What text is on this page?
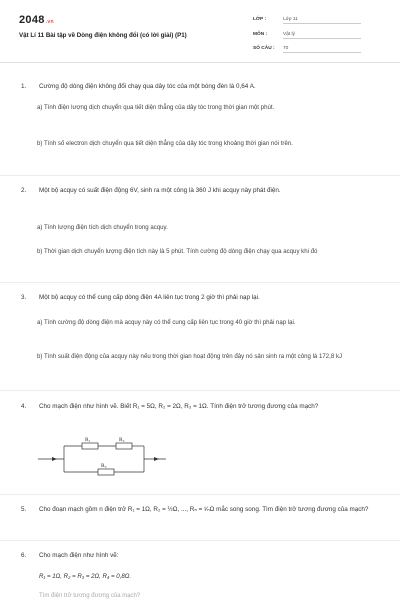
2048.vn
Vật Lí 11 Bài tập về Dòng điện không đổi (có lời giải) (P1)
LỚP :	Lớp 11
MÔN :	Vật lý
SỐ CÂU : 70
1. Cường độ dòng điện không đổi chạy qua dây tóc của một bóng đèn là 0,64 A.
a) Tính điện lượng dịch chuyển qua tiết diện thẳng của dây tóc trong thời gian một phút.
b) Tính số electron dịch chuyển qua tiết diện thẳng của dây tóc trong khoảng thời gian nói trên.
2. Một bộ acquy có suất điện động 6V, sinh ra một công là 360 J khi acquy này phát điện.
a) Tính lượng điện tích dịch chuyển trong acquy.
b) Thời gian dịch chuyển lượng điện tích này là 5 phút. Tính cường độ dòng điện chạy qua acquy khi đó
3. Một bộ acquy có thể cung cấp dòng điện 4A liên tục trong 2 giờ thì phải nạp lại.
a) Tính cường độ dòng điện mà acquy này có thể cung cấp liên tục trong 40 giờ thì phải nạp lại.
b) Tính suất điện động của acquy này nếu trong thời gian hoạt động trên đây nó sản sinh ra một công là 172,8 kJ
4. Cho mạch điện như hình vẽ. Biết R₁ = 5Ω, R₂ = 2Ω, R₃ = 1Ω. Tính điện trở tương đương của mạch?
R₁	R₂
R₃
5. Cho đoạn mạch gồm n điện trở R₁ = 1Ω, R₂ = ½Ω, ..., Rₙ = ¹⁄ₙΩ mắc song song. Tìm điện trở tương đương của mạch?
6. Cho mạch điện như hình vẽ:
R₁ = 1Ω, R₂ = R₃ = 2Ω, R₄ = 0,8Ω.
Tìm điện trở tương đương của mạch?
